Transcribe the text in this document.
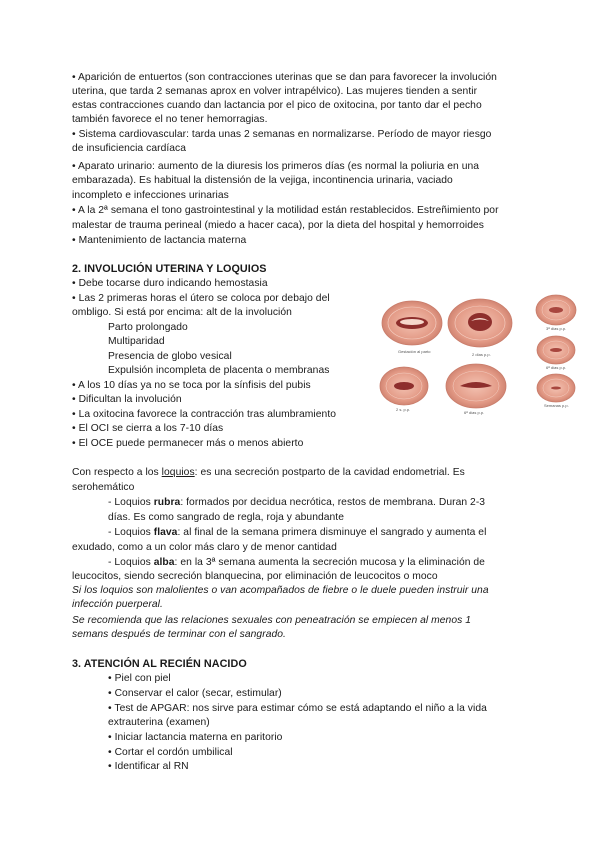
• Aparición de entuertos (son contracciones uterinas que se dan para favorecer la involución
uterina, que tarda 2 semanas aprox en volver intrapélvico). Las mujeres tienden a sentir
estas contracciones cuando dan lactancia por el pico de oxitocina, por tanto dar el pecho
también favorece el no tener hemorragias.
• Sistema cardiovascular: tarda unas 2 semanas en normalizarse. Período de mayor riesgo
de insuficiencia cardíaca
• Aparato urinario: aumento de la diuresis los primeros días (es normal la poliuria en una
embarazada). Es habitual la distensión de la vejiga, incontinencia urinaria, vaciado
incompleto e infecciones urinarias
• A la 2ª semana el tono gastrointestinal y la motilidad están restablecidos. Estreñimiento por
malestar de trauma perineal (miedo a hacer caca), por la dieta del hospital y hemorroides
• Mantenimiento de lactancia materna
2. INVOLUCIÓN UTERINA Y LOQUIOS
• Debe tocarse duro indicando hemostasia
• Las 2 primeras horas el útero se coloca por debajo del
ombligo. Si está por encima: alt de la involución
Parto prolongado
Multiparidad
Presencia de globo vesical
Expulsión incompleta de placenta o membranas
• A los 10 días ya no se toca por la sínfisis del pubis
• Dificultan la involución
• La oxitocina favorece la contracción tras alumbramiento
• El OCI se cierra a los 7-10 días
• El OCE puede permanecer más o menos abierto
Gestación al parto
2 días p.p.
3ª días p.p.
6ª días p.p.
2 s. p.p.
6ª días p.p.
Semanas p.p.
Con respecto a los loquios: es una secreción postparto de la cavidad endometrial. Es
serohemático
- Loquios rubra: formados por decidua necrótica, restos de membrana. Duran 2-3
días. Es como sangrado de regla, roja y abundante
- Loquios flava: al final de la semana primera disminuye el sangrado y aumenta el
exudado, como a un color más claro y de menor cantidad
- Loquios alba: en la 3ª semana aumenta la secreción mucosa y la eliminación de
leucocitos, siendo secreción blanquecina, por eliminación de leucocitos o moco
Si los loquios son malolientes o van acompañados de fiebre o le duele pueden instruir una
infección puerperal.
Se recomienda que las relaciones sexuales con peneatración se empiecen al menos 1
semans después de terminar con el sangrado.
3. ATENCIÓN AL RECIÉN NACIDO
• Piel con piel
• Conservar el calor (secar, estimular)
• Test de APGAR: nos sirve para estimar cómo se está adaptando el niño a la vida
extrauterina (examen)
• Iniciar lactancia materna en paritorio
• Cortar el cordón umbilical
• Identificar al RN
